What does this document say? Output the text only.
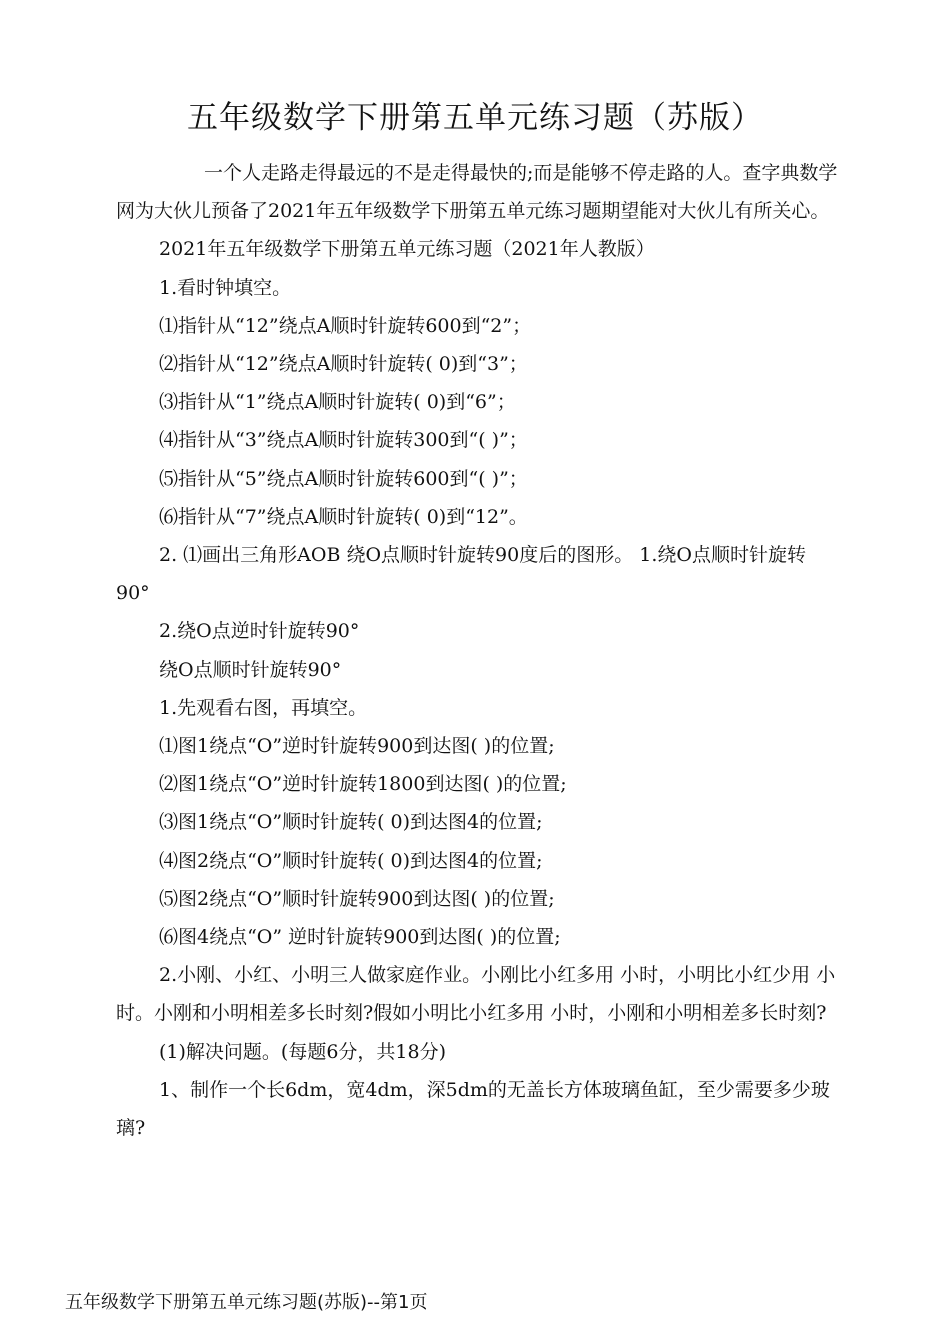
五年级数学下册第五单元练习题（苏版）

一个人走路走得最远的不是走得最快的;而是能够不停走路的人。查字典数学网为大伙儿预备了2021年五年级数学下册第五单元练习题期望能对大伙儿有所关心。

2021年五年级数学下册第五单元练习题（2021年人教版）

1.看时钟填空。

⑴指针从“12”绕点A顺时针旋转600到“2”；

⑵指针从“12”绕点A顺时针旋转( 0)到“3”；

⑶指针从“1”绕点A顺时针旋转( 0)到“6”；

⑷指针从“3”绕点A顺时针旋转300到“( )”；

⑸指针从“5”绕点A顺时针旋转600到“( )”；

⑹指针从“7”绕点A顺时针旋转( 0)到“12”。

2. ⑴画出三角形AOB 绕O点顺时针旋转90度后的图形。 1.绕O点顺时针旋转90°

2.绕O点逆时针旋转90°

绕O点顺时针旋转90°

1.先观看右图，再填空。

⑴图1绕点“O”逆时针旋转900到达图( )的位置;

⑵图1绕点“O”逆时针旋转1800到达图( )的位置;

⑶图1绕点“O”顺时针旋转( 0)到达图4的位置;

⑷图2绕点“O”顺时针旋转( 0)到达图4的位置;

⑸图2绕点“O”顺时针旋转900到达图( )的位置;

⑹图4绕点“O” 逆时针旋转900到达图( )的位置;

2.小刚、小红、小明三人做家庭作业。小刚比小红多用 小时，小明比小红少用 小时。小刚和小明相差多长时刻?假如小明比小红多用 小时，小刚和小明相差多长时刻?

(1)解决问题。(每题6分，共18分)

1、制作一个长6dm，宽4dm，深5dm的无盖长方体玻璃鱼缸，至少需要多少玻璃?

五年级数学下册第五单元练习题(苏版)--第1页
